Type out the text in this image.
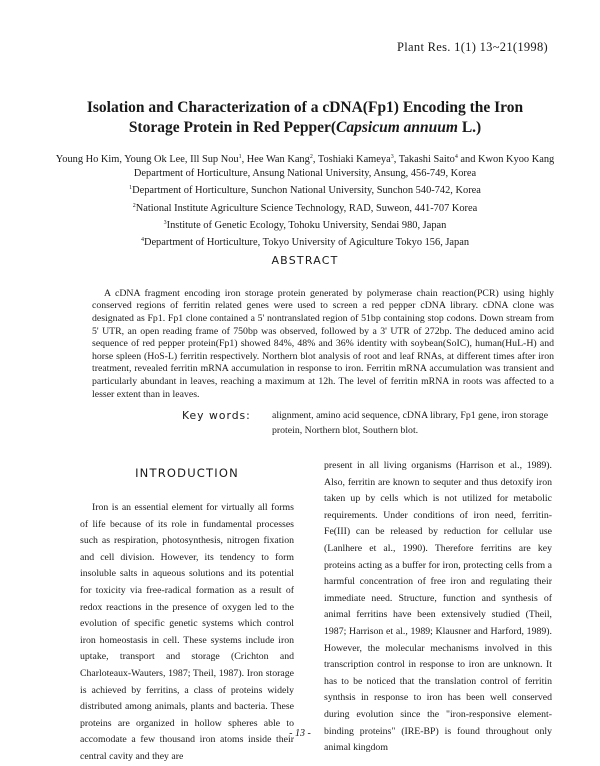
Plant Res. 1(1) 13~21(1998)
Isolation and Characterization of a cDNA(Fp1) Encoding the Iron
Storage Protein in Red Pepper(Capsicum annuum L.)
Young Ho Kim, Young Ok Lee, Ill Sup Nou$^1$, Hee Wan Kang$^2$, Toshiaki Kameya$^3$, Takashi Saito$^4$ and Kwon Kyoo Kang
Department of Horticulture, Ansung National University, Ansung, 456-749, Korea
$^1$Department of Horticulture, Sunchon National University, Sunchon 540-742, Korea
$^2$National Institute Agriculture Science Technology, RAD, Suweon, 441-707 Korea
$^3$Institute of Genetic Ecology, Tohoku University, Sendai 980, Japan
$^4$Department of Horticulture, Tokyo University of Agiculture Tokyo 156, Japan
ABSTRACT

A cDNA fragment encoding iron storage protein generated by polymerase chain reaction(PCR) using highly conserved regions of ferritin related genes were used to screen a red pepper cDNA library. cDNA clone was designated as Fp1. Fp1 clone contained a 5' nontranslated region of 51bp containing stop codons. Down stream from 5' UTR, an open reading frame of 750bp was observed, followed by a 3' UTR of 272bp. The deduced amino acid sequence of red pepper protein(Fp1) showed 84%, 48% and 36% identity with soybean(SoIC), human(HuL-H) and horse spleen (HoS-L) ferritin respectively. Northern blot analysis of root and leaf RNAs, at different times after iron treatment, revealed ferritin mRNA accumulation in response to iron. Ferritin mRNA accumulation was transient and particularly abundant in leaves, reaching a maximum at 12h. The level of ferritin mRNA in roots was affected to a lesser extent than in leaves.

Key words: alignment, amino acid sequence, cDNA library, Fp1 gene, iron storage protein, Northern blot, Southern blot.
INTRODUCTION

Iron is an essential element for virtually all forms of life because of its role in fundamental processes such as respiration, photosynthesis, nitrogen fixation and cell division. However, its tendency to form insoluble salts in aqueous solutions and its potential for toxicity via free-radical formation as a result of redox reactions in the presence of oxygen led to the evolution of specific genetic systems which control iron homeostasis in cell. These systems include iron uptake, transport and storage (Crichton and Charloteaux-Wauters, 1987; Theil, 1987). Iron storage is achieved by ferritins, a class of proteins widely distributed among animals, plants and bacteria. These proteins are organized in hollow spheres able to accomodate a few thousand iron atoms inside their central cavity and they are

present in all living organisms (Harrison et al., 1989). Also, ferritin are known to sequter and thus detoxify iron taken up by cells which is not utilized for metabolic requirements. Under conditions of iron need, ferritin-Fe(III) can be released by reduction for cellular use (Lanlhere et al., 1990). Therefore ferritins are key proteins acting as a buffer for iron, protecting cells from a harmful concentration of free iron and regulating their immediate need. Structure, function and synthesis of animal ferritins have been extensively studied (Theil, 1987; Harrison et al., 1989; Klausner and Harford, 1989). However, the molecular mechanisms involved in this transcription control in response to iron are unknown. It has to be noticed that the translation control of ferritin synthsis in response to iron has been well conserved during evolution since the "iron-responsive element-binding proteins" (IRE-BP) is found throughout only animal kingdom

- 13 -
